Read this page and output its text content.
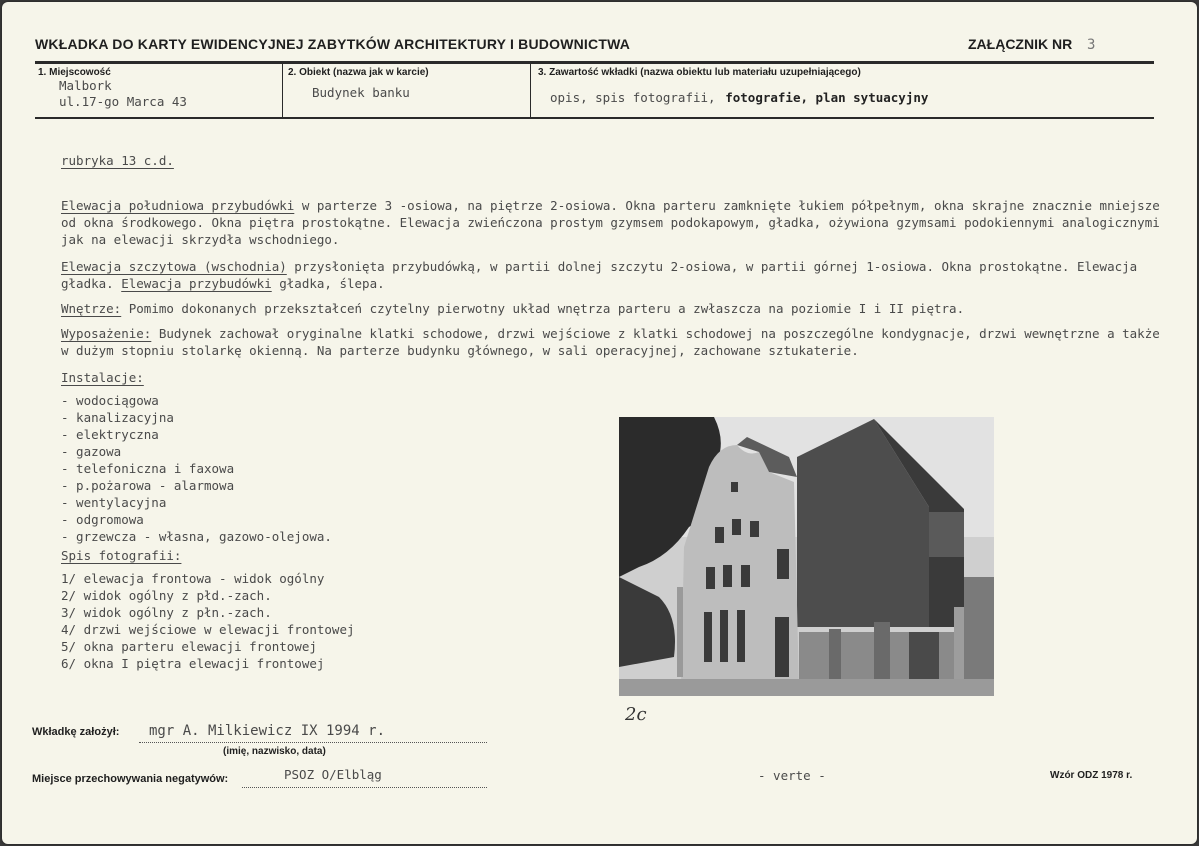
WKŁADKA DO KARTY EWIDENCYJNEJ ZABYTKÓW ARCHITEKTURY I BUDOWNICTWA	ZAŁĄCZNIK NR 3
1. Miejscowość
Malbork
ul.17-go Marca 43
2. Obiekt (nazwa jak w karcie)
Budynek banku
3. Zawartość wkładki (nazwa obiektu lub materiału uzupełniającego)
opis, spis fotografii, fotografie, plan sytuacyjny

rubryka 13 c.d.

Elewacja południowa przybudówki w parterze 3 -osiowa, na piętrze 2-osiowa. Okna parteru zamknięte łukiem półpełnym, okna skrajne znacznie mniejsze od okna środkowego. Okna piętra prostokątne. Elewacja zwieńczona prostym gzymsem podokapowym, gładka, ożywiona gzymsami podokiennymi analogicznymi jak na elewacji skrzydła wschodniego.

Elewacja szczytowa (wschodnia) przysłonięta przybudówką, w partii dolnej szczytu 2-osiowa, w partii górnej 1-osiowa. Okna prostokątne. Elewacja gładka. Elewacja przybudówki gładka, ślepa.

Wnętrze: Pomimo dokonanych przekształceń czytelny pierwotny układ wnętrza parteru a zwłaszcza na poziomie I i II piętra.

Wyposażenie: Budynek zachował oryginalne klatki schodowe, drzwi wejściowe z klatki schodowej na poszczególne kondygnacje, drzwi wewnętrzne a także w dużym stopniu stolarkę okienną. Na parterze budynku głównego, w sali operacyjnej, zachowane sztukaterie.

Instalacje:

- wodociągowa
- kanalizacyjna
- elektryczna
- gazowa
- telefoniczna i faxowa
- p.pożarowa - alarmowa
- wentylacyjna
- odgromowa
- grzewcza - własna, gazowo-olejowa.

Spis fotografii:

1/ elewacja frontowa - widok ogólny
2/ widok ogólny z płd.-zach.
3/ widok ogólny z płn.-zach.
4/ drzwi wejściowe w elewacji frontowej
5/ okna parteru elewacji frontowej
6/ okna I piętra elewacji frontowej
2c
Wkładkę założył: mgr A. Milkiewicz IX 1994 r.
(imię, nazwisko, data)
Miejsce przechowywania negatywów:	PSOZ O/Elbląg	- verte -	Wzór ODZ 1978 r.
